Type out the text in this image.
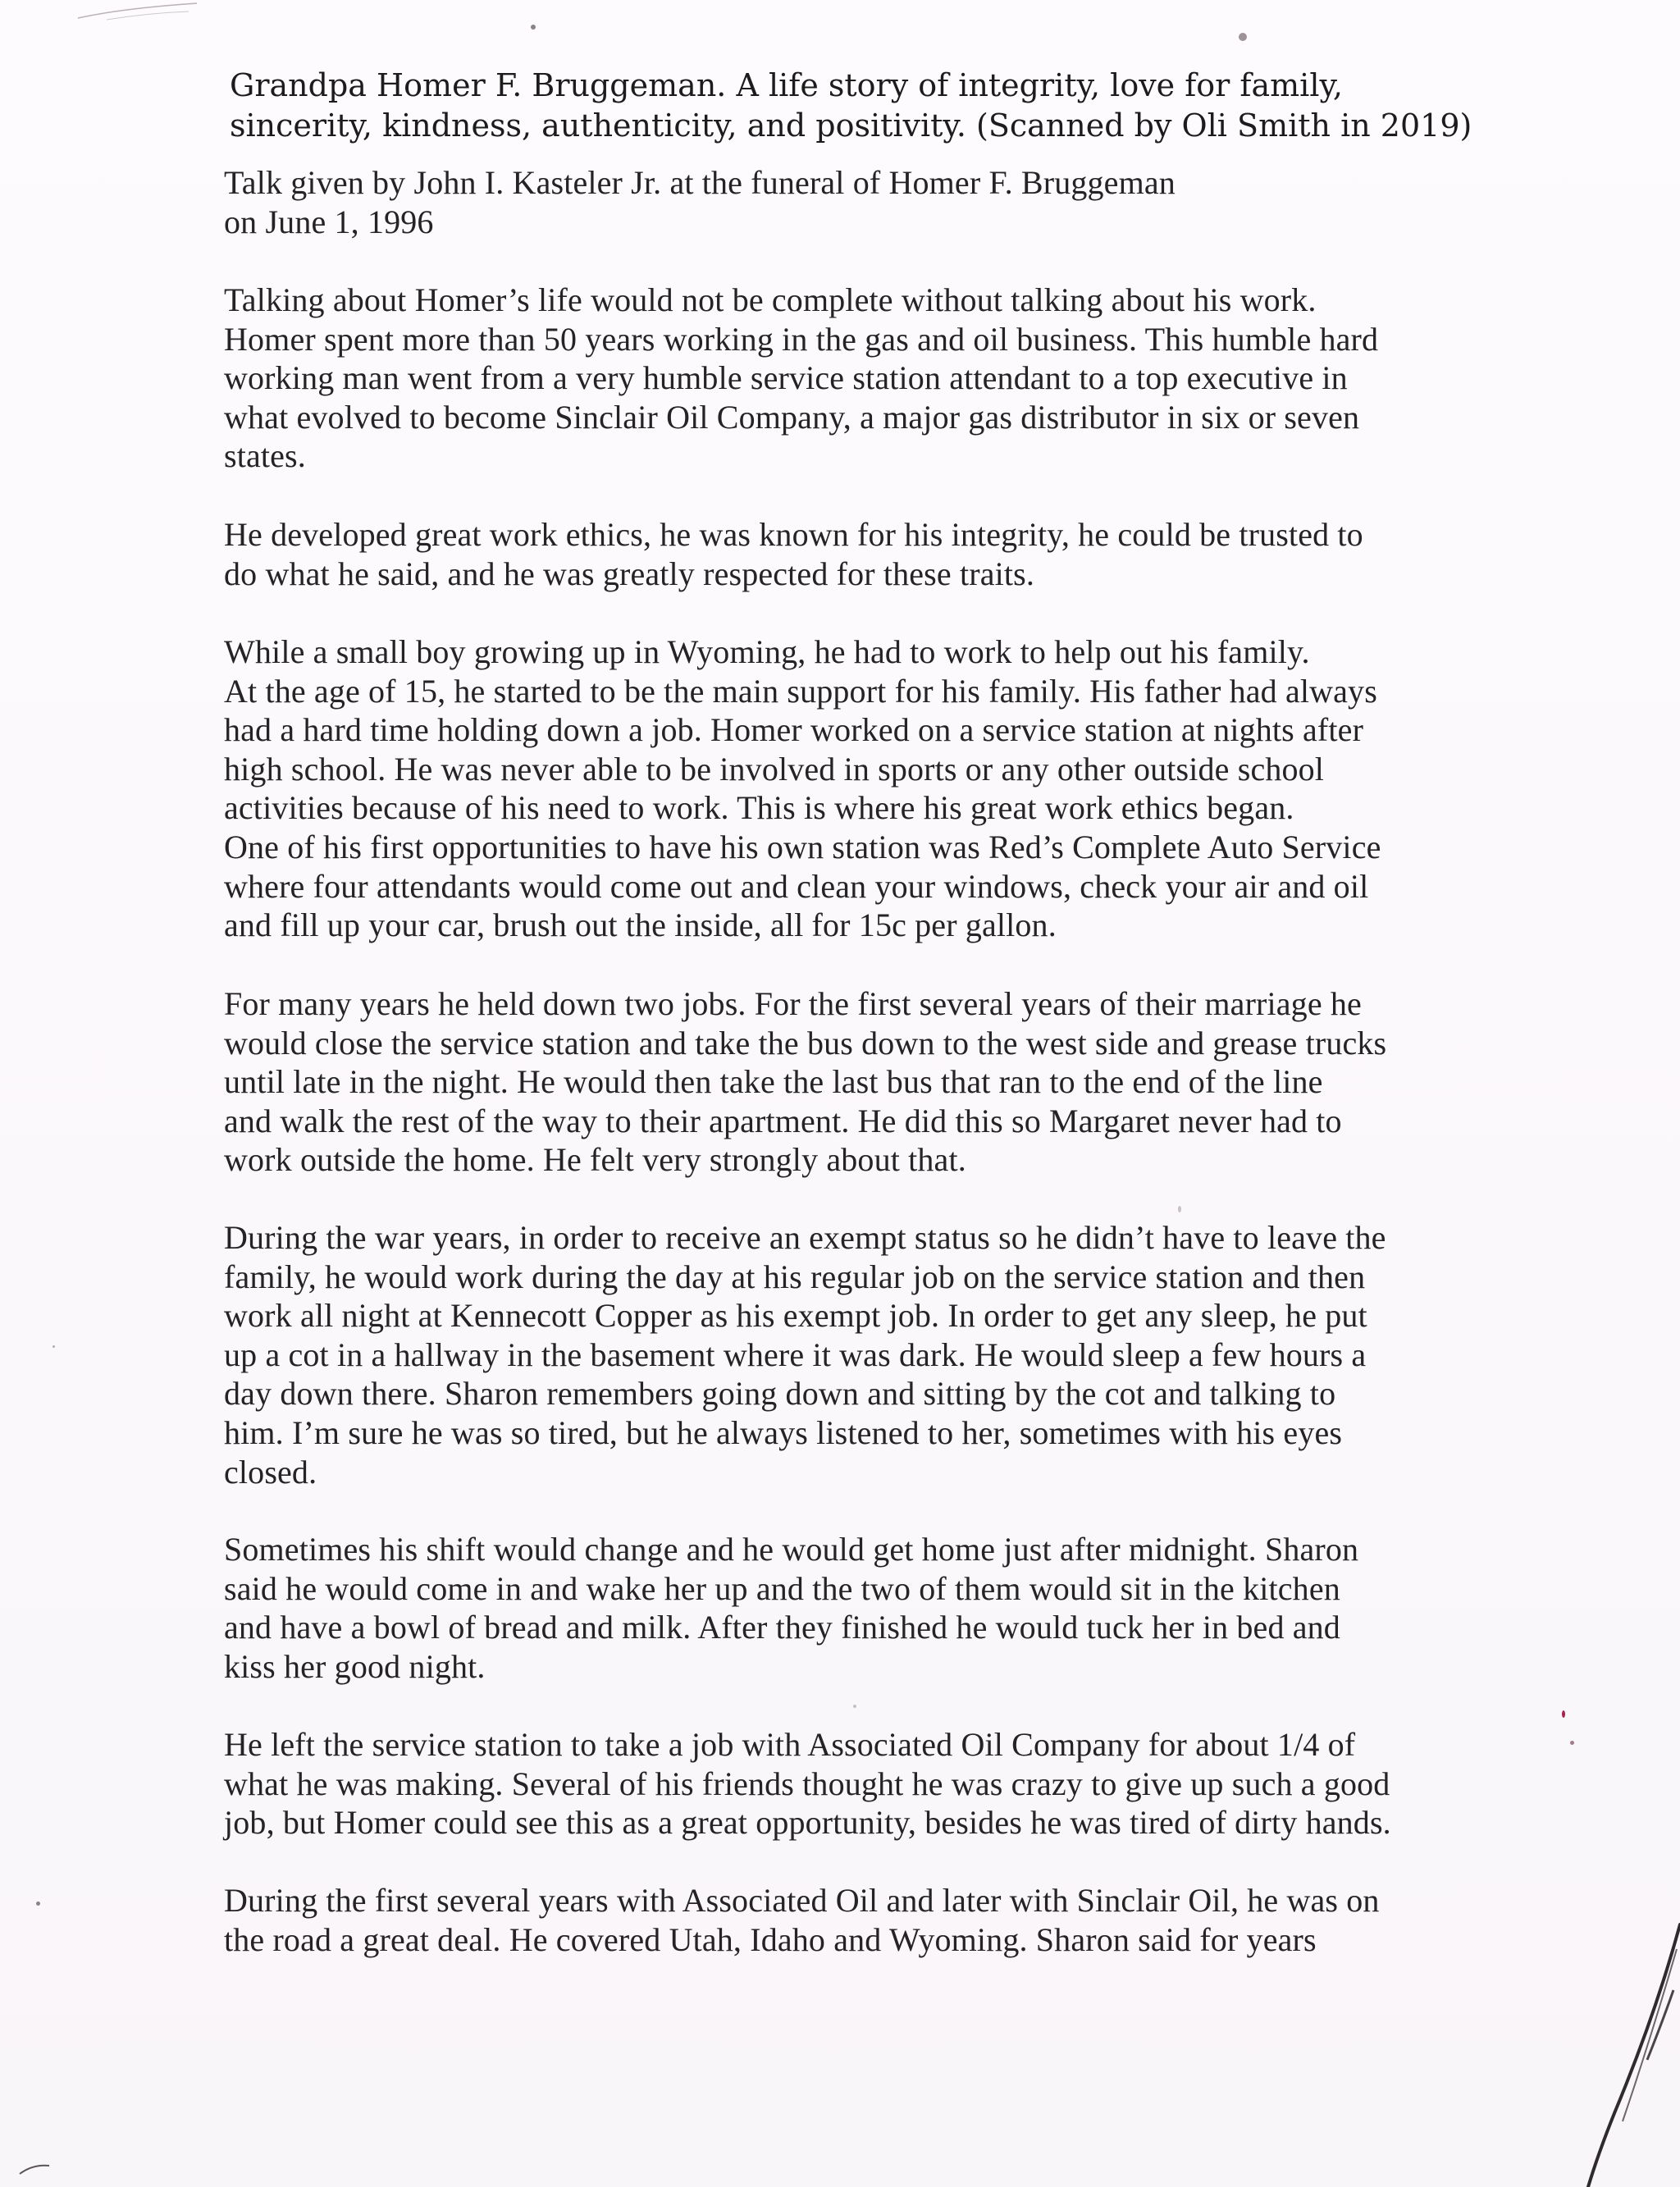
Grandpa Homer F. Bruggeman. A life story of integrity, love for family,
sincerity, kindness, authenticity, and positivity. (Scanned by Oli Smith in 2019)
Talk given by John I. Kasteler Jr. at the funeral of Homer F. Bruggeman
on June 1, 1996
Talking about Homer’s life would not be complete without talking about his work.
Homer spent more than 50 years working in the gas and oil business. This humble hard
working man went from a very humble service station attendant to a top executive in
what evolved to become Sinclair Oil Company, a major gas distributor in six or seven
states.
He developed great work ethics, he was known for his integrity, he could be trusted to
do what he said, and he was greatly respected for these traits.
While a small boy growing up in Wyoming, he had to work to help out his family.
At the age of 15, he started to be the main support for his family. His father had always
had a hard time holding down a job. Homer worked on a service station at nights after
high school. He was never able to be involved in sports or any other outside school
activities because of his need to work. This is where his great work ethics began.
One of his first opportunities to have his own station was Red’s Complete Auto Service
where four attendants would come out and clean your windows, check your air and oil
and fill up your car, brush out the inside, all for 15c per gallon.
For many years he held down two jobs. For the first several years of their marriage he
would close the service station and take the bus down to the west side and grease trucks
until late in the night. He would then take the last bus that ran to the end of the line
and walk the rest of the way to their apartment. He did this so Margaret never had to
work outside the home. He felt very strongly about that.
During the war years, in order to receive an exempt status so he didn’t have to leave the
family, he would work during the day at his regular job on the service station and then
work all night at Kennecott Copper as his exempt job. In order to get any sleep, he put
up a cot in a hallway in the basement where it was dark. He would sleep a few hours a
day down there. Sharon remembers going down and sitting by the cot and talking to
him. I’m sure he was so tired, but he always listened to her, sometimes with his eyes
closed.
Sometimes his shift would change and he would get home just after midnight. Sharon
said he would come in and wake her up and the two of them would sit in the kitchen
and have a bowl of bread and milk. After they finished he would tuck her in bed and
kiss her good night.
He left the service station to take a job with Associated Oil Company for about 1/4 of
what he was making. Several of his friends thought he was crazy to give up such a good
job, but Homer could see this as a great opportunity, besides he was tired of dirty hands.
During the first several years with Associated Oil and later with Sinclair Oil, he was on
the road a great deal. He covered Utah, Idaho and Wyoming. Sharon said for years
